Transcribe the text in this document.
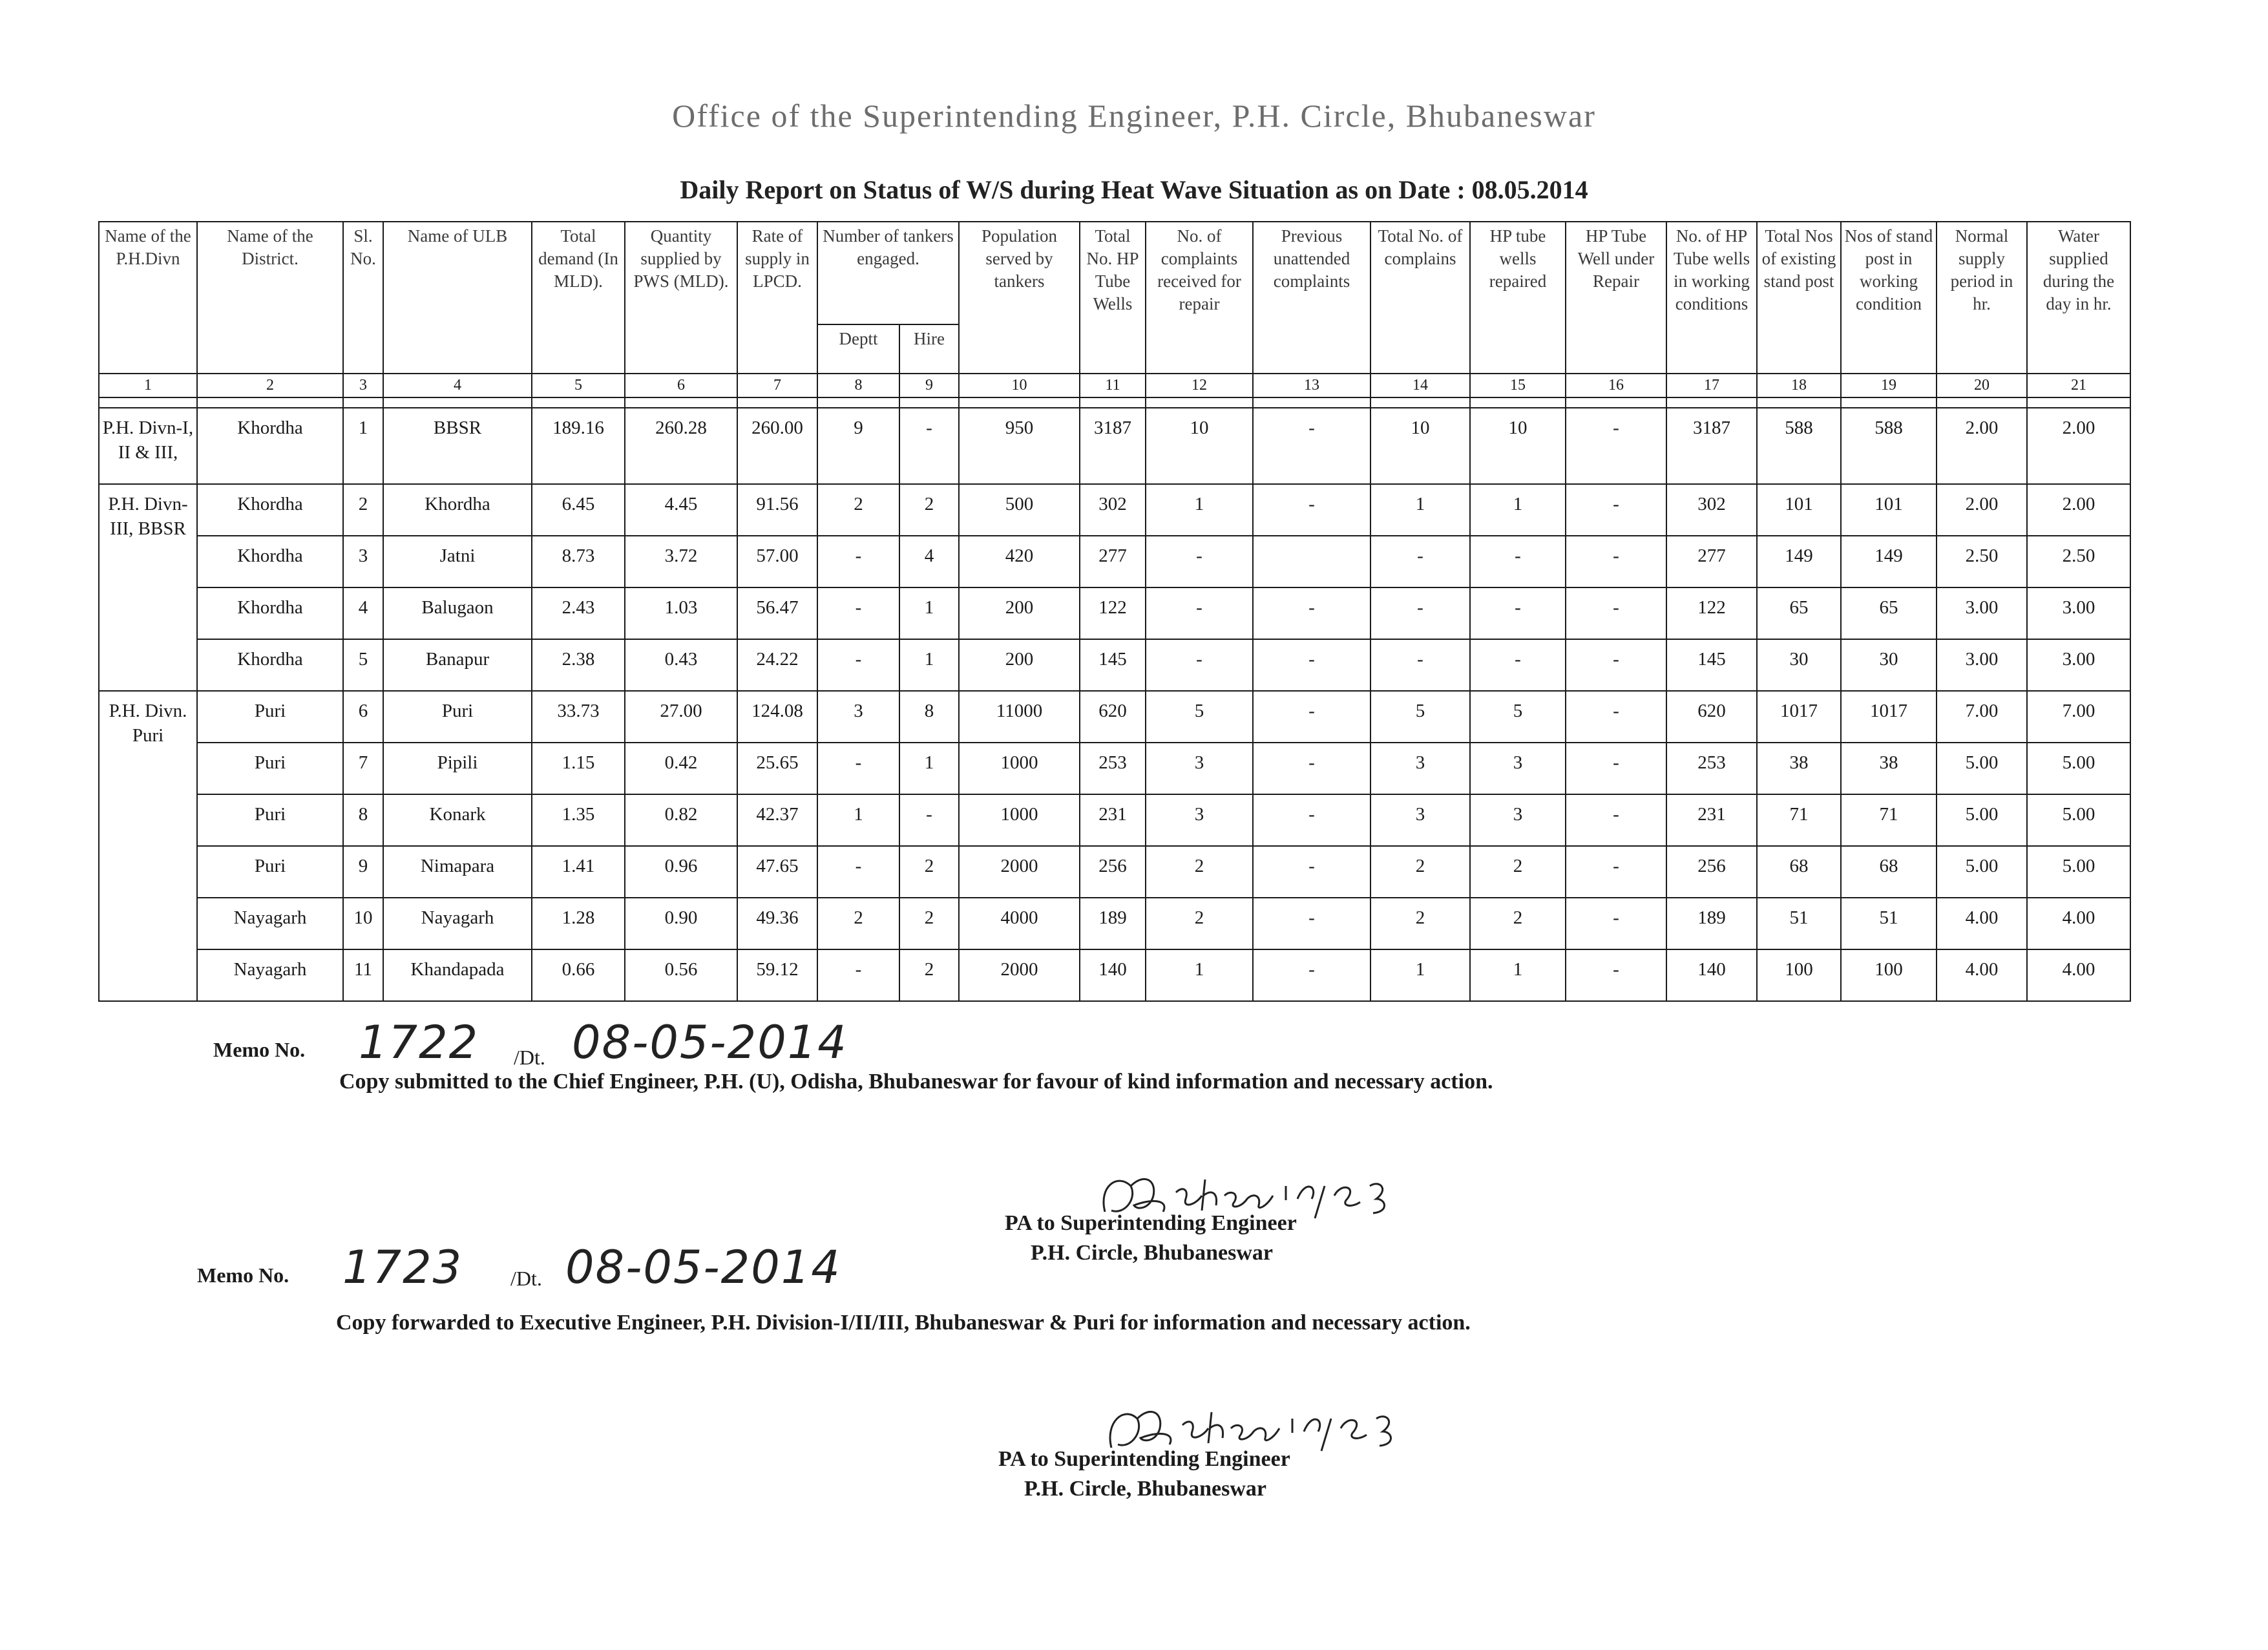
Office of the Superintending Engineer, P.H. Circle, Bhubaneswar
Daily Report on Status of W/S during Heat Wave Situation as on Date : 08.05.2014
Name of the P.H.Divn	Name of the District.	Sl. No.	Name of ULB	Total demand (In MLD).	Quantity supplied by PWS (MLD).	Rate of supply in LPCD.	Number of tankers engaged.		Population served by tankers	Total No. HP Tube Wells	No. of complaints received for repair	Previous unattended complaints	Total No. of complains	HP tube wells repaired	HP Tube Well under Repair	No. of HP Tube wells in working conditions	Total Nos of existing stand post	Nos of stand post in working condition	Normal supply period in hr.	Water supplied during the day in hr.
							Deptt	Hire												
1	2	3	4	5	6	7	8	9	10	11	12	13	14	15	16	17	18	19	20	21

P.H. Divn-I, II & III,	Khordha	1	BBSR	189.16	260.28	260.00	9	-	950	3187	10	-	10	10	-	3187	588	588	2.00	2.00
P.H. Divn-III, BBSR	Khordha	2	Khordha	6.45	4.45	91.56	2	2	500	302	1	-	1	1	-	302	101	101	2.00	2.00
	Khordha	3	Jatni	8.73	3.72	57.00	-	4	420	277	-		-	-	-	277	149	149	2.50	2.50
	Khordha	4	Balugaon	2.43	1.03	56.47	-	1	200	122	-	-	-	-	-	122	65	65	3.00	3.00
	Khordha	5	Banapur	2.38	0.43	24.22	-	1	200	145	-	-	-	-	-	145	30	30	3.00	3.00
P.H. Divn. Puri	Puri	6	Puri	33.73	27.00	124.08	3	8	11000	620	5	-	5	5	-	620	1017	1017	7.00	7.00
	Puri	7	Pipili	1.15	0.42	25.65	-	1	1000	253	3	-	3	3	-	253	38	38	5.00	5.00
	Puri	8	Konark	1.35	0.82	42.37	1	-	1000	231	3	-	3	3	-	231	71	71	5.00	5.00
	Puri	9	Nimapara	1.41	0.96	47.65	-	2	2000	256	2	-	2	2	-	256	68	68	5.00	5.00
	Nayagarh	10	Nayagarh	1.28	0.90	49.36	2	2	4000	189	2	-	2	2	-	189	51	51	4.00	4.00
	Nayagarh	11	Khandapada	0.66	0.56	59.12	-	2	2000	140	1	-	1	1	-	140	100	100	4.00	4.00
Memo No. 1722 /Dt. 08-05-2014
Copy submitted to the Chief Engineer, P.H. (U), Odisha, Bhubaneswar for favour of kind information and necessary action.
PA to Superintending Engineer
P.H. Circle, Bhubaneswar
Memo No. 1723 /Dt. 08-05-2014
Copy forwarded to Executive Engineer, P.H. Division-I/II/III, Bhubaneswar & Puri for information and necessary action.
PA to Superintending Engineer
P.H. Circle, Bhubaneswar
